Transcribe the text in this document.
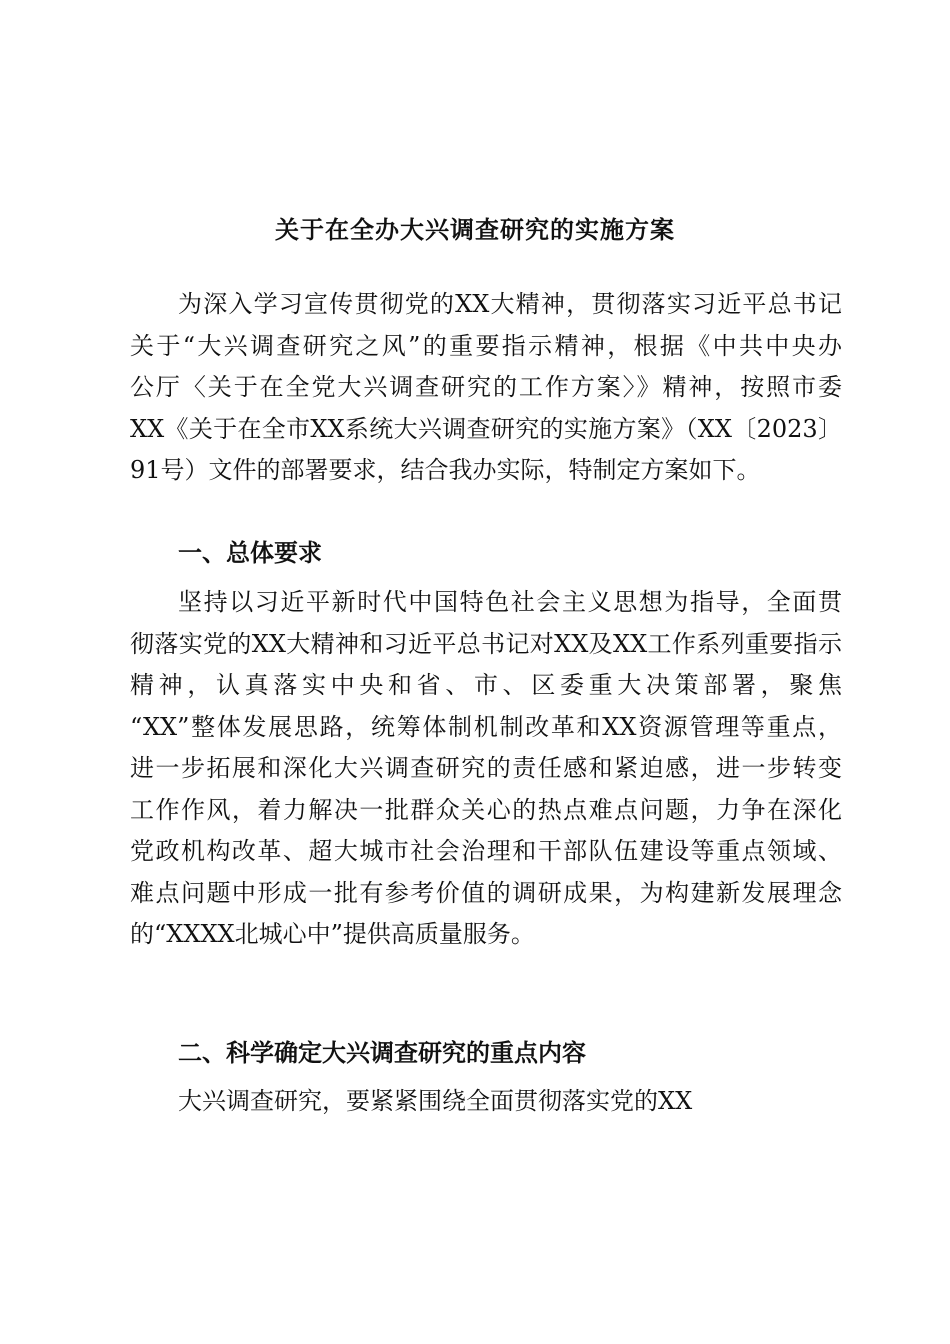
关于在全办大兴调查研究的实施方案
为深入学习宣传贯彻党的XX大精神，贯彻落实习近平总书记
关于“大兴调查研究之风”的重要指示精神，根据《中共中央办
公厅〈关于在全党大兴调查研究的工作方案〉》精神，按照市委
XX《关于在全市XX系统大兴调查研究的实施方案》（XX〔2023〕
91号）文件的部署要求，结合我办实际，特制定方案如下。
一、总体要求
坚持以习近平新时代中国特色社会主义思想为指导，全面贯
彻落实党的XX大精神和习近平总书记对XX及XX工作系列重要指示
精神，认真落实中央和省、市、区委重大决策部署，聚焦
“XX”整体发展思路，统筹体制机制改革和XX资源管理等重点，
进一步拓展和深化大兴调查研究的责任感和紧迫感，进一步转变
工作作风，着力解决一批群众关心的热点难点问题，力争在深化
党政机构改革、超大城市社会治理和干部队伍建设等重点领域、
难点问题中形成一批有参考价值的调研成果，为构建新发展理念
的“XXXX北城心中”提供高质量服务。
二、科学确定大兴调查研究的重点内容
大兴调查研究，要紧紧围绕全面贯彻落实党的XX
